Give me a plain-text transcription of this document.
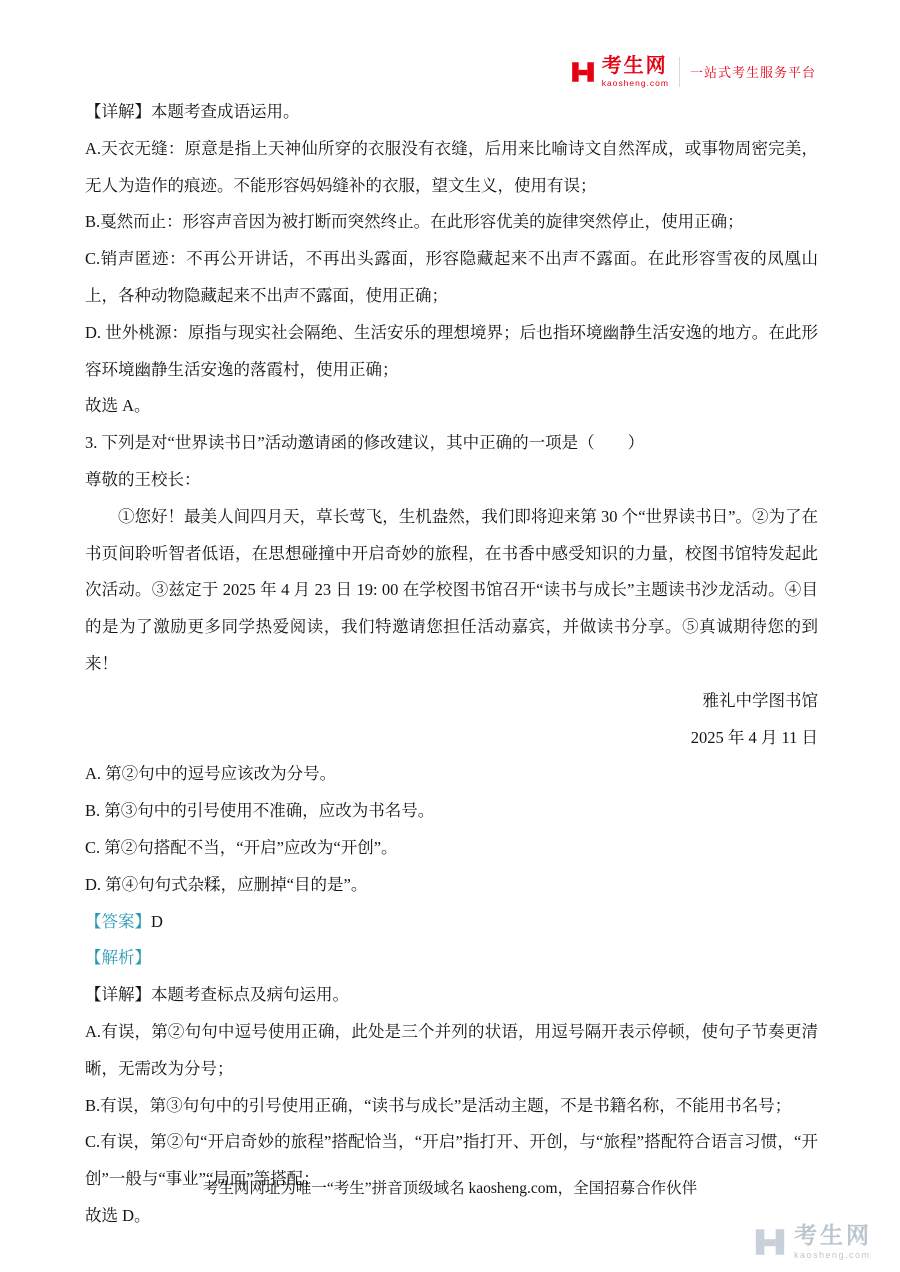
考生网
kaosheng.com
一站式考生服务平台

【详解】本题考查成语运用。

A.天衣无缝：原意是指上天神仙所穿的衣服没有衣缝，后用来比喻诗文自然浑成，或事物周密完美，无人为造作的痕迹。不能形容妈妈缝补的衣服，望文生义，使用有误；

B.戛然而止：形容声音因为被打断而突然终止。在此形容优美的旋律突然停止，使用正确；

C.销声匿迹：不再公开讲话，不再出头露面，形容隐藏起来不出声不露面。在此形容雪夜的凤凰山上，各种动物隐藏起来不出声不露面，使用正确；

D. 世外桃源：原指与现实社会隔绝、生活安乐的理想境界；后也指环境幽静生活安逸的地方。在此形容环境幽静生活安逸的落霞村，使用正确；

故选 A。

3. 下列是对“世界读书日”活动邀请函的修改建议，其中正确的一项是（　　）

尊敬的王校长：

①您好！最美人间四月天，草长莺飞，生机盎然，我们即将迎来第 30 个“世界读书日”。②为了在书页间聆听智者低语，在思想碰撞中开启奇妙的旅程，在书香中感受知识的力量，校图书馆特发起此次活动。③兹定于 2025 年 4 月 23 日 19: 00 在学校图书馆召开“读书与成长”主题读书沙龙活动。④目的是为了激励更多同学热爱阅读，我们特邀请您担任活动嘉宾，并做读书分享。⑤真诚期待您的到来！

雅礼中学图书馆

2025 年 4 月 11 日

A. 第②句中的逗号应该改为分号。

B. 第③句中的引号使用不准确，应改为书名号。

C. 第②句搭配不当，“开启”应改为“开创”。

D. 第④句句式杂糅，应删掉“目的是”。

【答案】D

【解析】

【详解】本题考查标点及病句运用。

A.有误，第②句句中逗号使用正确，此处是三个并列的状语，用逗号隔开表示停顿，使句子节奏更清晰，无需改为分号；

B.有误，第③句句中的引号使用正确，“读书与成长”是活动主题，不是书籍名称，不能用书名号；

C.有误，第②句“开启奇妙的旅程”搭配恰当，“开启”指打开、开创，与“旅程”搭配符合语言习惯，“开创”一般与“事业”“局面”等搭配；

故选 D。

考生网网址为唯一“考生”拼音顶级域名 kaosheng.com，全国招募合作伙伴
考生网
kaosheng.com
